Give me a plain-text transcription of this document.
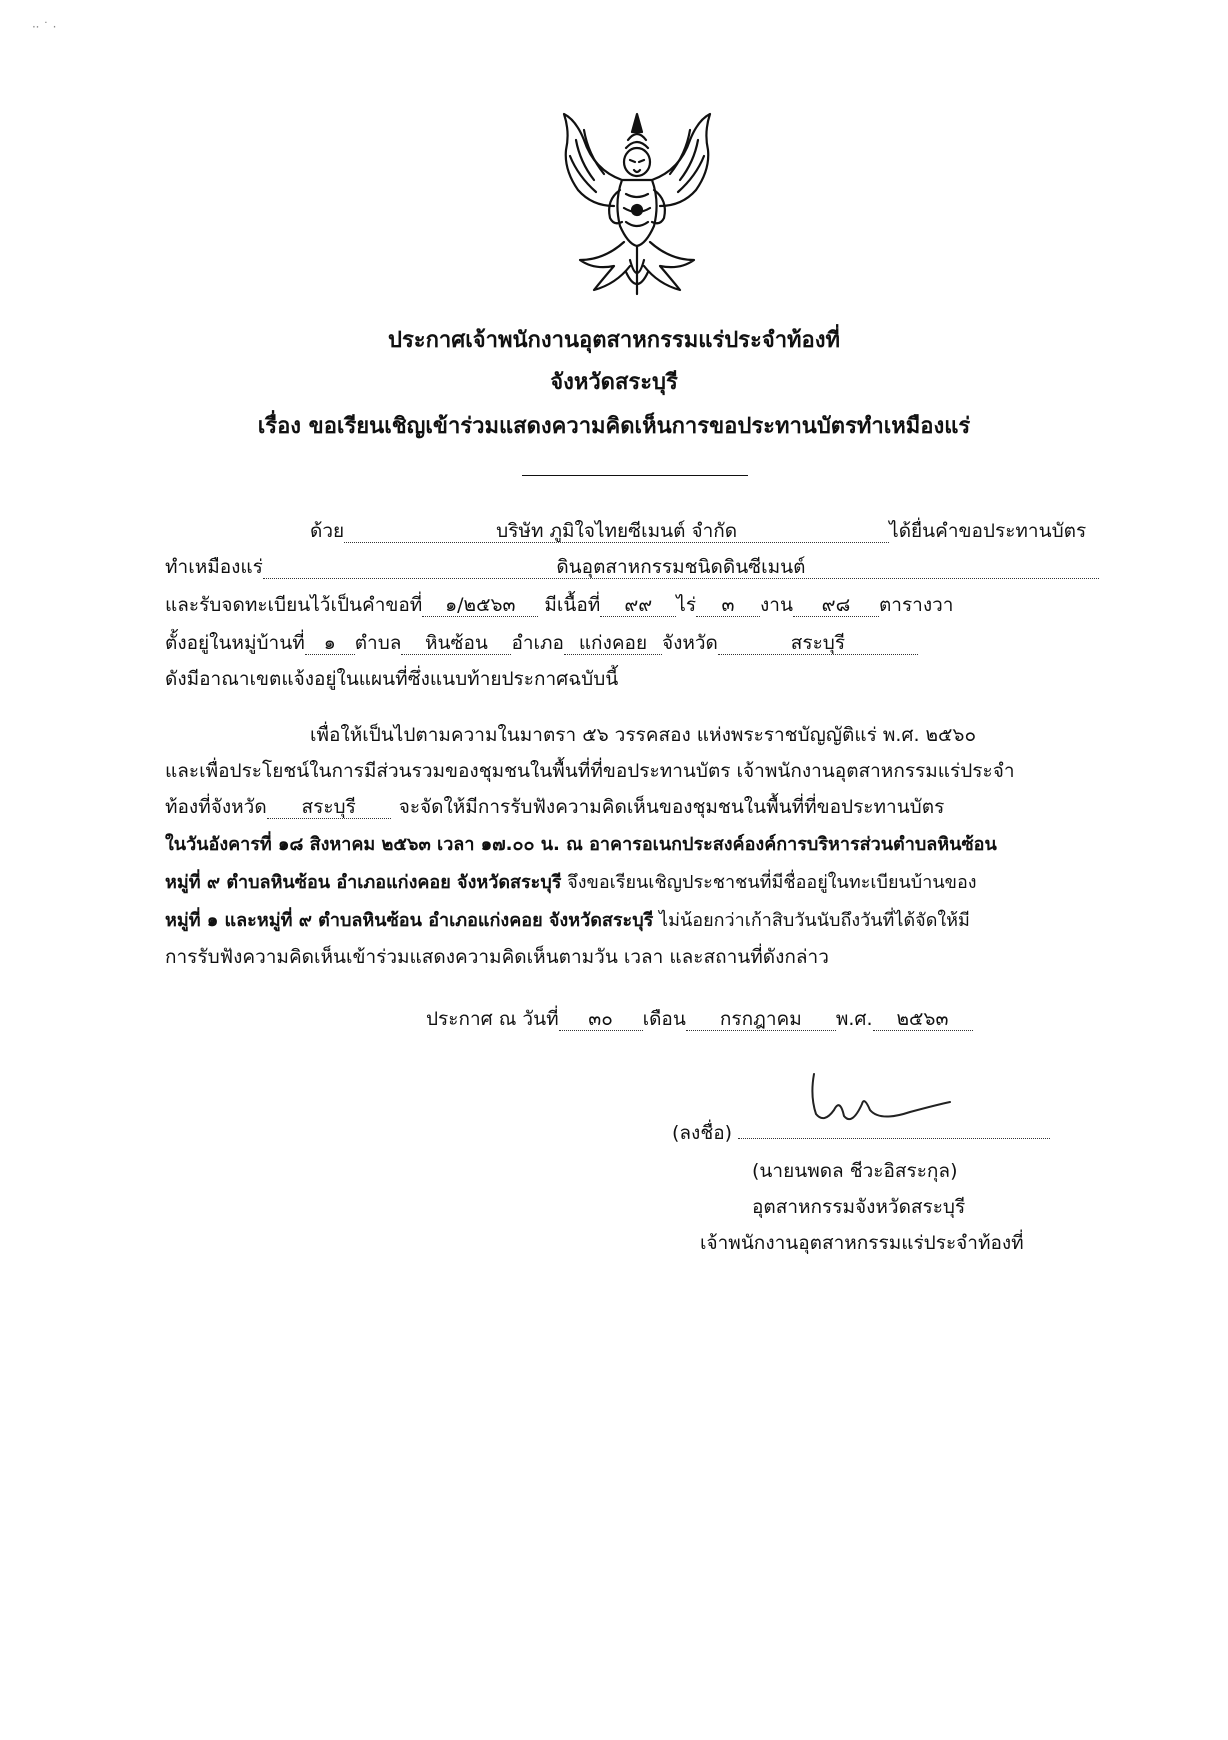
·⸱ ˙ ·
ประกาศเจ้าพนักงานอุตสาหกรรมแร่ประจำท้องที่
จังหวัดสระบุรี
เรื่อง ขอเรียนเชิญเข้าร่วมแสดงความคิดเห็นการขอประทานบัตรทำเหมืองแร่
ด้วย	บริษัท ภูมิใจไทยซีเมนต์ จำกัด	ได้ยื่นคำขอประทานบัตร
ทำเหมืองแร่	ดินอุตสาหกรรมชนิดดินซีเมนต์
และรับจดทะเบียนไว้เป็นคำขอที่ ๑/๒๕๖๓ มีเนื้อที่ ๙๙ ไร่ ๓ งาน ๙๘ ตารางวา
ตั้งอยู่ในหมู่บ้านที่ ๑ ตำบล หินซ้อน อำเภอ แก่งคอย จังหวัด	สระบุรี
ดังมีอาณาเขตแจ้งอยู่ในแผนที่ซึ่งแนบท้ายประกาศฉบับนี้
เพื่อให้เป็นไปตามความในมาตรา ๕๖ วรรคสอง แห่งพระราชบัญญัติแร่ พ.ศ. ๒๕๖๐
และเพื่อประโยชน์ในการมีส่วนรวมของชุมชนในพื้นที่ที่ขอประทานบัตร เจ้าพนักงานอุตสาหกรรมแร่ประจำ
ท้องที่จังหวัด สระบุรี จะจัดให้มีการรับฟังความคิดเห็นของชุมชนในพื้นที่ที่ขอประทานบัตร
ในวันอังคารที่ ๑๘ สิงหาคม ๒๕๖๓ เวลา ๑๗.๐๐ น. ณ อาคารอเนกประสงค์องค์การบริหารส่วนตำบลหินซ้อน
หมู่ที่ ๙ ตำบลหินซ้อน อำเภอแก่งคอย จังหวัดสระบุรี จึงขอเรียนเชิญประชาชนที่มีชื่ออยู่ในทะเบียนบ้านของ
หมู่ที่ ๑ และหมู่ที่ ๙ ตำบลหินซ้อน อำเภอแก่งคอย จังหวัดสระบุรี ไม่น้อยกว่าเก้าสิบวันนับถึงวันที่ได้จัดให้มี
การรับฟังความคิดเห็นเข้าร่วมแสดงความคิดเห็นตามวัน เวลา และสถานที่ดังกล่าว
ประกาศ ณ วันที่ ๓๐ เดือน กรกฎาคม พ.ศ. ๒๕๖๓
(ลงชื่อ)
(นายนพดล ชีวะอิสระกุล)
อุตสาหกรรมจังหวัดสระบุรี
เจ้าพนักงานอุตสาหกรรมแร่ประจำท้องที่
